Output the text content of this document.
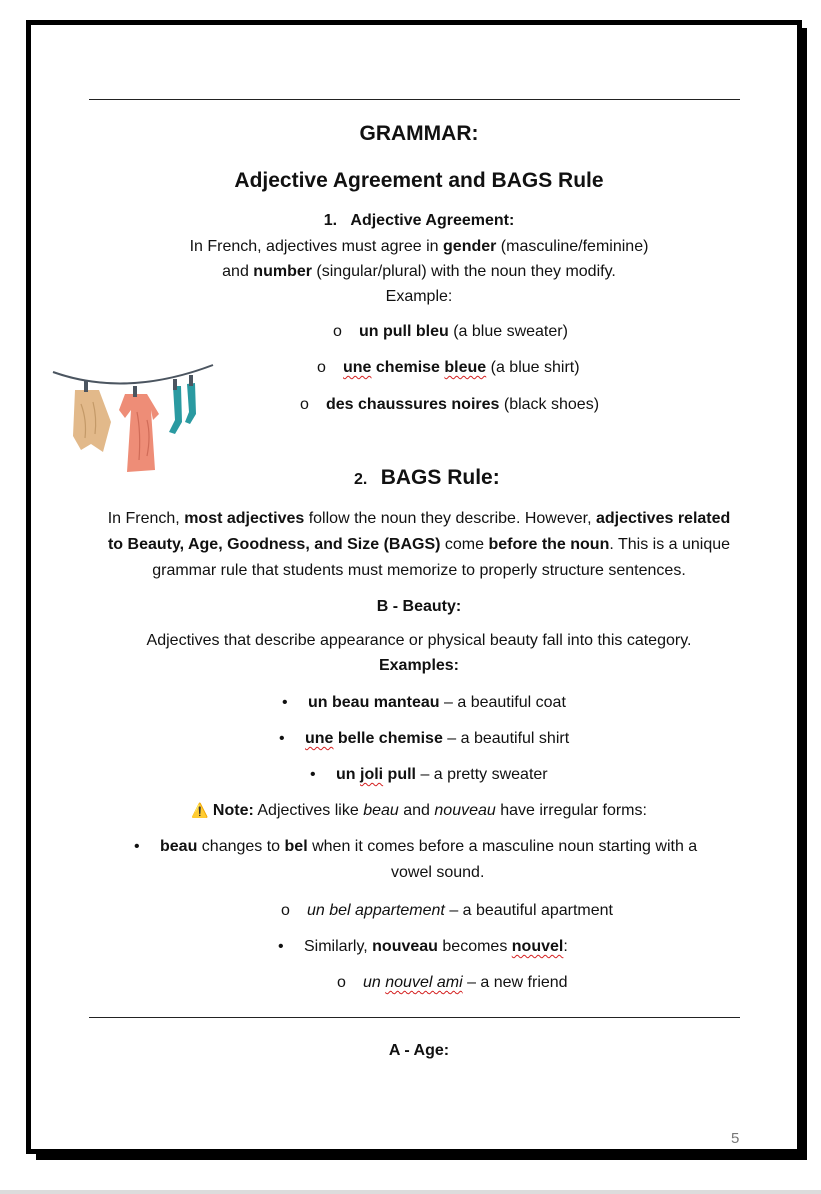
GRAMMAR:
Adjective Agreement and BAGS Rule
1. Adjective Agreement:
In French, adjectives must agree in gender (masculine/feminine)
and number (singular/plural) with the noun they modify.
Example:
o un pull bleu (a blue sweater)
o une chemise bleue (a blue shirt)
o des chaussures noires (black shoes)
2. BAGS Rule:
In French, most adjectives follow the noun they describe. However, adjectives related
to Beauty, Age, Goodness, and Size (BAGS) come before the noun. This is a unique
grammar rule that students must memorize to properly structure sentences.
B - Beauty:
Adjectives that describe appearance or physical beauty fall into this category.
Examples:
• un beau manteau – a beautiful coat
• une belle chemise – a beautiful shirt
• un joli pull – a pretty sweater
⚠️ Note: Adjectives like beau and nouveau have irregular forms:
• beau changes to bel when it comes before a masculine noun starting with a
vowel sound.
o un bel appartement – a beautiful apartment
• Similarly, nouveau becomes nouvel:
o un nouvel ami – a new friend
A - Age:
5
